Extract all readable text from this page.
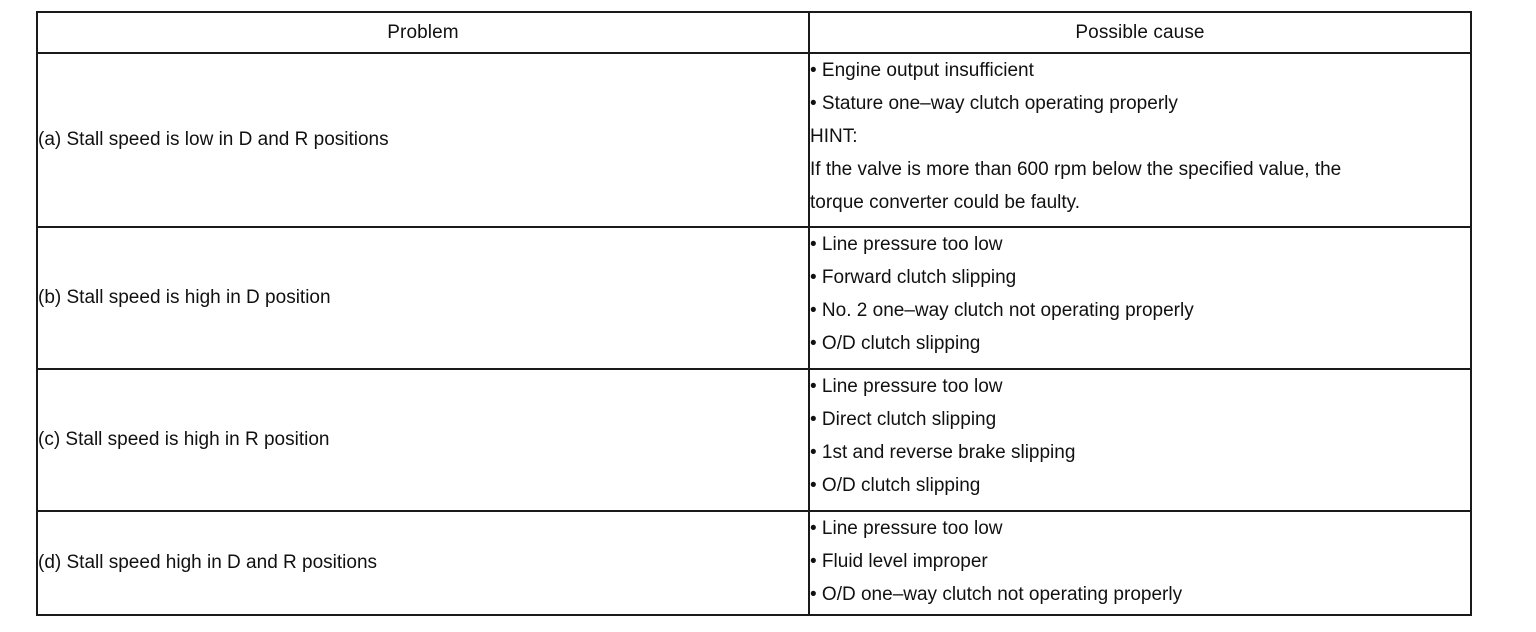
Problem	Possible cause
(a) Stall speed is low in D and R positions	• Engine output insufficient
• Stature one–way clutch operating properly
HINT:
If the valve is more than 600 rpm below the specified value, the
torque converter could be faulty.

(b) Stall speed is high in D position	• Line pressure too low
• Forward clutch slipping
• No. 2 one–way clutch not operating properly
• O/D clutch slipping

(c) Stall speed is high in R position	• Line pressure too low
• Direct clutch slipping
• 1st and reverse brake slipping
• O/D clutch slipping

(d) Stall speed high in D and R positions	• Line pressure too low
• Fluid level improper
• O/D one–way clutch not operating properly
